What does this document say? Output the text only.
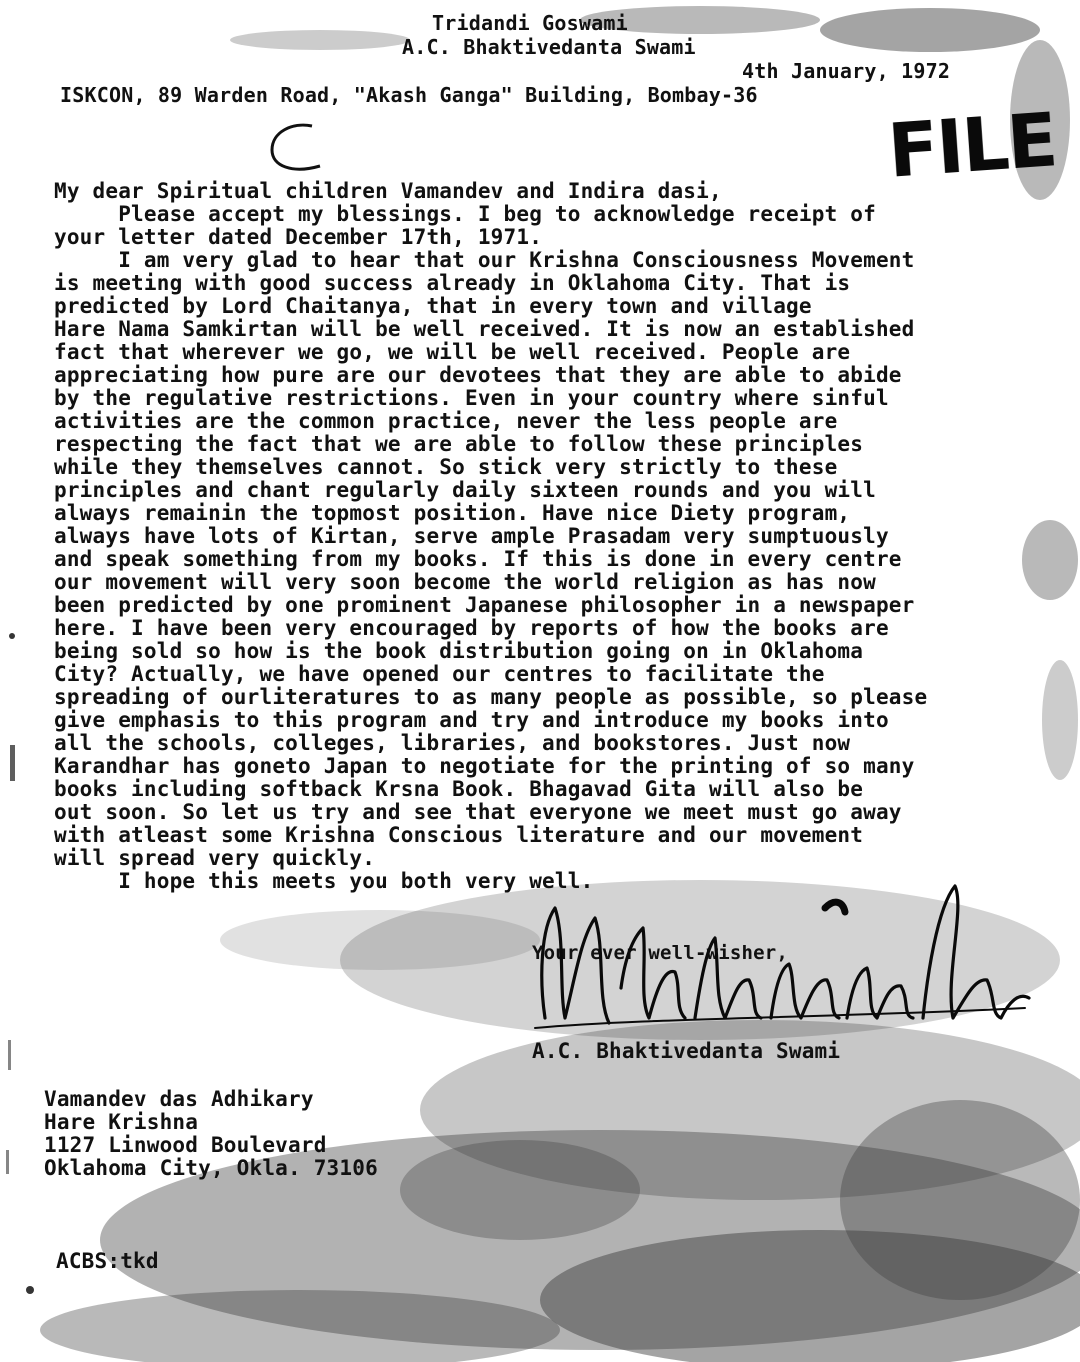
Tridandi Goswami
A.C. Bhaktivedanta Swami
4th January, 1972
ISKCON, 89 Warden Road, "Akash Ganga" Building, Bombay-36
FILE
My dear Spiritual children Vamandev and Indira dasi,
Please accept my blessings. I beg to acknowledge receipt of
your letter dated December 17th, 1971.
I am very glad to hear that our Krishna Consciousness Movement
is meeting with good success already in Oklahoma City. That is
predicted by Lord Chaitanya, that in every town and village
Hare Nama Samkirtan will be well received. It is now an established
fact that wherever we go, we will be well received. People are
appreciating how pure are our devotees that they are able to abide
by the regulative restrictions. Even in your country where sinful
activities are the common practice, never the less people are
respecting the fact that we are able to follow these principles
while they themselves cannot. So stick very strictly to these
principles and chant regularly daily sixteen rounds and you will
always remainin the topmost position. Have nice Diety program,
always have lots of Kirtan, serve ample Prasadam very sumptuously
and speak something from my books. If this is done in every centre
our movement will very soon become the world religion as has now
been predicted by one prominent Japanese philosopher in a newspaper
here. I have been very encouraged by reports of how the books are
being sold so how is the book distribution going on in Oklahoma
City? Actually, we have opened our centres to facilitate the
spreading of ourliteratures to as many people as possible, so please
give emphasis to this program and try and introduce my books into
all the schools, colleges, libraries, and bookstores. Just now
Karandhar has goneto Japan to negotiate for the printing of so many
books including softback Krsna Book. Bhagavad Gita will also be
out soon. So let us try and see that everyone we meet must go away
with atleast some Krishna Conscious literature and our movement
will spread very quickly.
I hope this meets you both very well.
Your ever well-wisher,
A.C. Bhaktivedanta Swami
Vamandev das Adhikary
Hare Krishna
1127 Linwood Boulevard
Oklahoma City, Okla. 73106
ACBS:tkd
